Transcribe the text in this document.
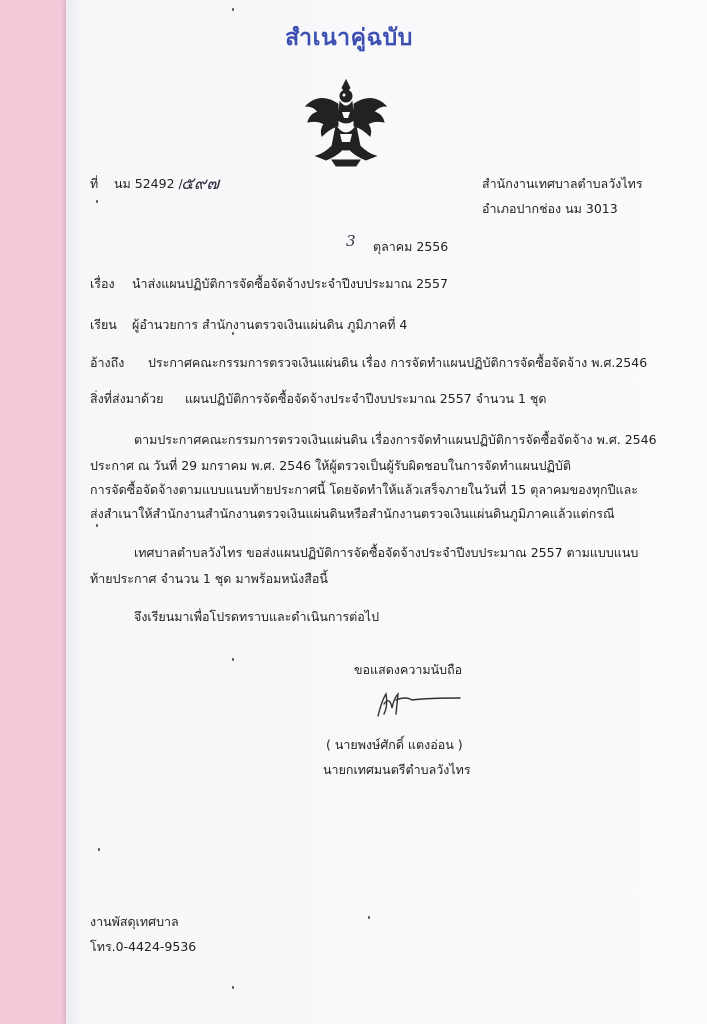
สำเนาคู่ฉบับ
ที่ นม 52492 /
๕๙๗	สำนักงานเทศบาลตำบลวังไทร
อำเภอปากช่อง นม 3013
3 ตุลาคม 2556
เรื่อง นำส่งแผนปฏิบัติการจัดซื้อจัดจ้างประจำปีงบประมาณ 2557
เรียน ผู้อำนวยการ สำนักงานตรวจเงินแผ่นดิน ภูมิภาคที่ 4
อ้างถึง ประกาศคณะกรรมการตรวจเงินแผ่นดิน เรื่อง การจัดทำแผนปฏิบัติการจัดซื้อจัดจ้าง พ.ศ.2546
สิ่งที่ส่งมาด้วย แผนปฏิบัติการจัดซื้อจัดจ้างประจำปีงบประมาณ 2557 จำนวน 1 ชุด
ตามประกาศคณะกรรมการตรวจเงินแผ่นดิน เรื่องการจัดทำแผนปฏิบัติการจัดซื้อจัดจ้าง พ.ศ. 2546
ประกาศ ณ วันที่ 29 มกราคม พ.ศ. 2546 ให้ผู้ตรวจเป็นผู้รับผิดชอบในการจัดทำแผนปฏิบัติ
การจัดซื้อจัดจ้างตามแบบแนบท้ายประกาศนี้ โดยจัดทำให้แล้วเสร็จภายในวันที่ 15 ตุลาคมของทุกปีและ
ส่งสำเนาให้สำนักงานสำนักงานตรวจเงินแผ่นดินหรือสำนักงานตรวจเงินแผ่นดินภูมิภาคแล้วแต่กรณี
เทศบาลตำบลวังไทร ขอส่งแผนปฏิบัติการจัดซื้อจัดจ้างประจำปีงบประมาณ 2557 ตามแบบแนบ
ท้ายประกาศ จำนวน 1 ชุด มาพร้อมหนังสือนี้
จึงเรียนมาเพื่อโปรดทราบและดำเนินการต่อไป
ขอแสดงความนับถือ
( นายพงษ์ศักดิ์ แตงอ่อน )
นายกเทศมนตรีตำบลวังไทร
งานพัสดุเทศบาล
โทร.0-4424-9536
